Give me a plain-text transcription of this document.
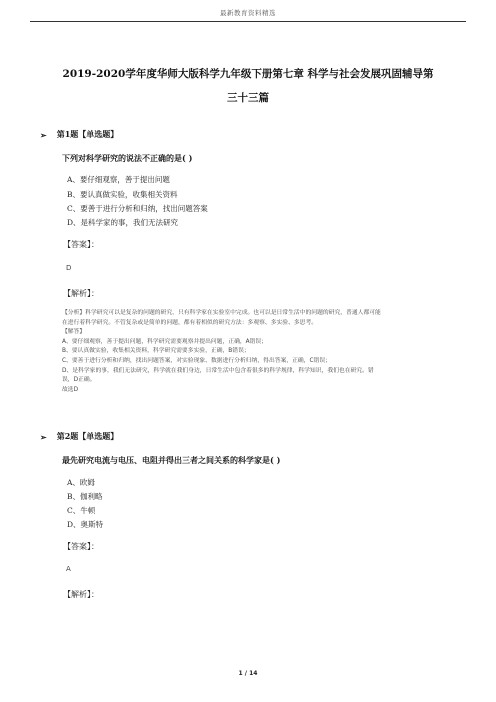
最新教育资料精选
2019-2020学年度华师大版科学九年级下册第七章 科学与社会发展巩固辅导第
三十三篇
➢ 第1题【单选题】
下列对科学研究的说法不正确的是( )
A、要仔细观察，善于提出问题
B、要认真做实验，收集相关资料
C、要善于进行分析和归纳，找出问题答案
D、是科学家的事，我们无法研究
【答案】：
D
【解析】：
【分析】科学研究可以是复杂的问题的研究，只有科学家在实验室中完成。也可以是日常生活中的问题的研究，普通人都可能
在进行着科学研究。不管复杂或是简单的问题，都有着相似的研究方法：多观察、多实验、多思考。
【解答】
A、要仔细观察，善于提出问题，科学研究需要观察并提出问题，正确，A错误；
B、要认真做实验，收集相关资料，科学研究需要多实验，正确，B错误；
C、要善于进行分析和归纳，找出问题答案，对实验现象、数据进行分析归纳，得出答案，正确，C错误；
D、是科学家的事，我们无法研究，科学就在我们身边，日常生活中包含着很多的科学规律，科学知识，我们也在研究。错
误，D正确。
故选D
➢ 第2题【单选题】
最先研究电流与电压、电阻并得出三者之间关系的科学家是( )
A、欧姆
B、伽利略
C、牛顿
D、奥斯特
【答案】：
A
【解析】：
1 / 14
